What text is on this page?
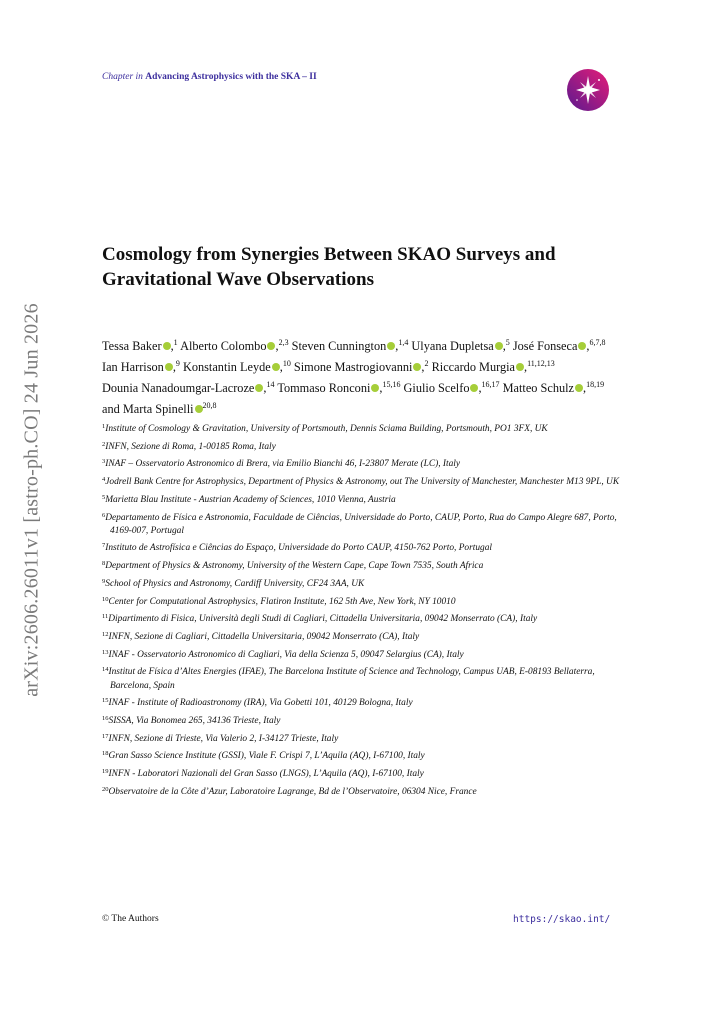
arXiv:2606.26011v1 [astro-ph.CO] 24 Jun 2026
Chapter in Advancing Astrophysics with the SKA – II
Cosmology from Synergies Between SKAO Surveys and
Gravitational Wave Observations
Tessa Baker ,$^1$ Alberto Colombo ,$^{2,3}$ Steven Cunnington ,$^{1,4}$ Ulyana Dupletsa ,$^5$ José Fonseca ,$^{6,7,8}$ Ian Harrison ,$^9$ Konstantin Leyde ,$^{10}$ Simone Mastrogiovanni ,$^2$ Riccardo Murgia ,$^{11,12,13}$ Dounia Nanadoumgar-Lacroze ,$^{14}$ Tommaso Ronconi ,$^{15,16}$ Giulio Scelfo ,$^{16,17}$ Matteo Schulz ,$^{18,19}$ and Marta Spinelli $^{20,8}$

$^1$Institute of Cosmology & Gravitation, University of Portsmouth, Dennis Sciama Building, Portsmouth, PO1 3FX, UK

$^2$INFN, Sezione di Roma, 1-00185 Roma, Italy

$^3$INAF – Osservatorio Astronomico di Brera, via Emilio Bianchi 46, I-23807 Merate (LC), Italy

$^4$Jodrell Bank Centre for Astrophysics, Department of Physics & Astronomy, out The University of Manchester, Manchester M13 9PL, UK

$^5$Marietta Blau Institute - Austrian Academy of Sciences, 1010 Vienna, Austria

$^6$Departamento de Física e Astronomia, Faculdade de Ciências, Universidade do Porto, CAUP, Porto, Rua do Campo Alegre 687, Porto, 4169-007, Portugal

$^7$Instituto de Astrofísica e Ciências do Espaço, Universidade do Porto CAUP, 4150-762 Porto, Portugal

$^8$Department of Physics & Astronomy, University of the Western Cape, Cape Town 7535, South Africa

$^9$School of Physics and Astronomy, Cardiff University, CF24 3AA, UK

$^{10}$Center for Computational Astrophysics, Flatiron Institute, 162 5th Ave, New York, NY 10010

$^{11}$Dipartimento di Fisica, Università degli Studi di Cagliari, Cittadella Universitaria, 09042 Monserrato (CA), Italy

$^{12}$INFN, Sezione di Cagliari, Cittadella Universitaria, 09042 Monserrato (CA), Italy

$^{13}$INAF - Osservatorio Astronomico di Cagliari, Via della Scienza 5, 09047 Selargius (CA), Italy

$^{14}$Institut de Física d’Altes Energies (IFAE), The Barcelona Institute of Science and Technology, Campus UAB, E-08193 Bellaterra, Barcelona, Spain

$^{15}$INAF - Institute of Radioastronomy (IRA), Via Gobetti 101, 40129 Bologna, Italy

$^{16}$SISSA, Via Bonomea 265, 34136 Trieste, Italy

$^{17}$INFN, Sezione di Trieste, Via Valerio 2, I-34127 Trieste, Italy

$^{18}$Gran Sasso Science Institute (GSSI), Viale F. Crispi 7, L’Aquila (AQ), I-67100, Italy

$^{19}$INFN - Laboratori Nazionali del Gran Sasso (LNGS), L’Aquila (AQ), I-67100, Italy

$^{20}$Observatoire de la Côte d’Azur, Laboratoire Lagrange, Bd de l’Observatoire, 06304 Nice, France

© The Authors	https://skao.int/
